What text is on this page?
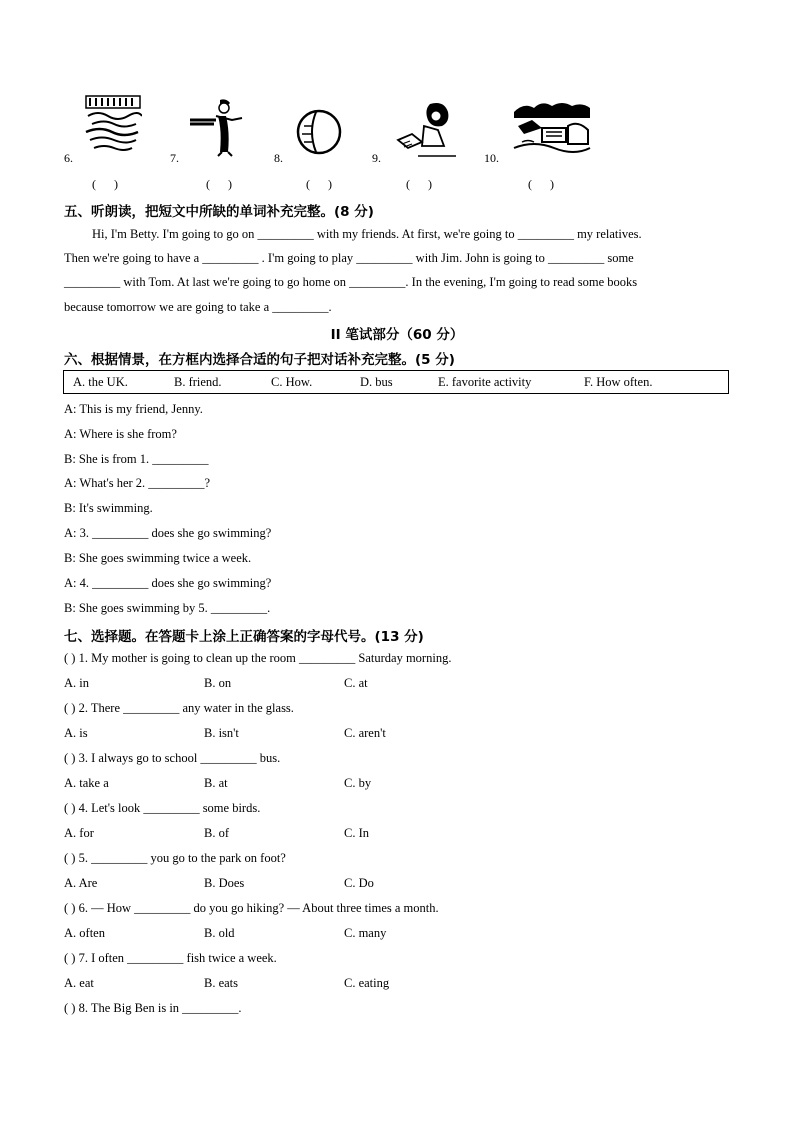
6.
(      )
7.
(      )
8.
(      )
9.
(      )
10.
(      )
五、听朗读，把短文中所缺的单词补充完整。(8 分)
Hi, I'm Betty. I'm going to go on _________ with my friends. At first, we're going to _________ my relatives.
Then we're going to have a _________ . I'm going to play _________ with Jim. John is going to _________ some
_________ with Tom. At last we're going to go home on _________. In the evening, I'm going to read some books
because tomorrow we are going to take a _________.
II 笔试部分（60 分）
六、根据情景，在方框内选择合适的句子把对话补充完整。(5 分)
A. the UK.	B. friend.	C. How.	D. bus	E. favorite activity	F. How often.
A: This is my friend, Jenny.
A: Where is she from?
B: She is from 1. _________
A: What's her 2. _________?
B: It's swimming.
A: 3. _________ does she go swimming?
B: She goes swimming twice a week.
A: 4. _________ does she go swimming?
B: She goes swimming by 5. _________.
七、选择题。在答题卡上涂上正确答案的字母代号。(13 分)
( ) 1. My mother is going to clean up the room _________ Saturday morning.
A. in	B. on	C. at
( ) 2. There _________ any water in the glass.
A. is	B. isn't	C. aren't
( ) 3. I always go to school _________ bus.
A. take a	B. at	C. by
( ) 4. Let's look _________ some birds.
A. for	B. of	C. In
( ) 5. _________ you go to the park on foot?
A. Are	B. Does	C. Do
( ) 6. — How _________ do you go hiking? — About three times a month.
A. often	B. old	C. many
( ) 7. I often _________ fish twice a week.
A. eat	B. eats	C. eating
( ) 8. The Big Ben is in _________.
